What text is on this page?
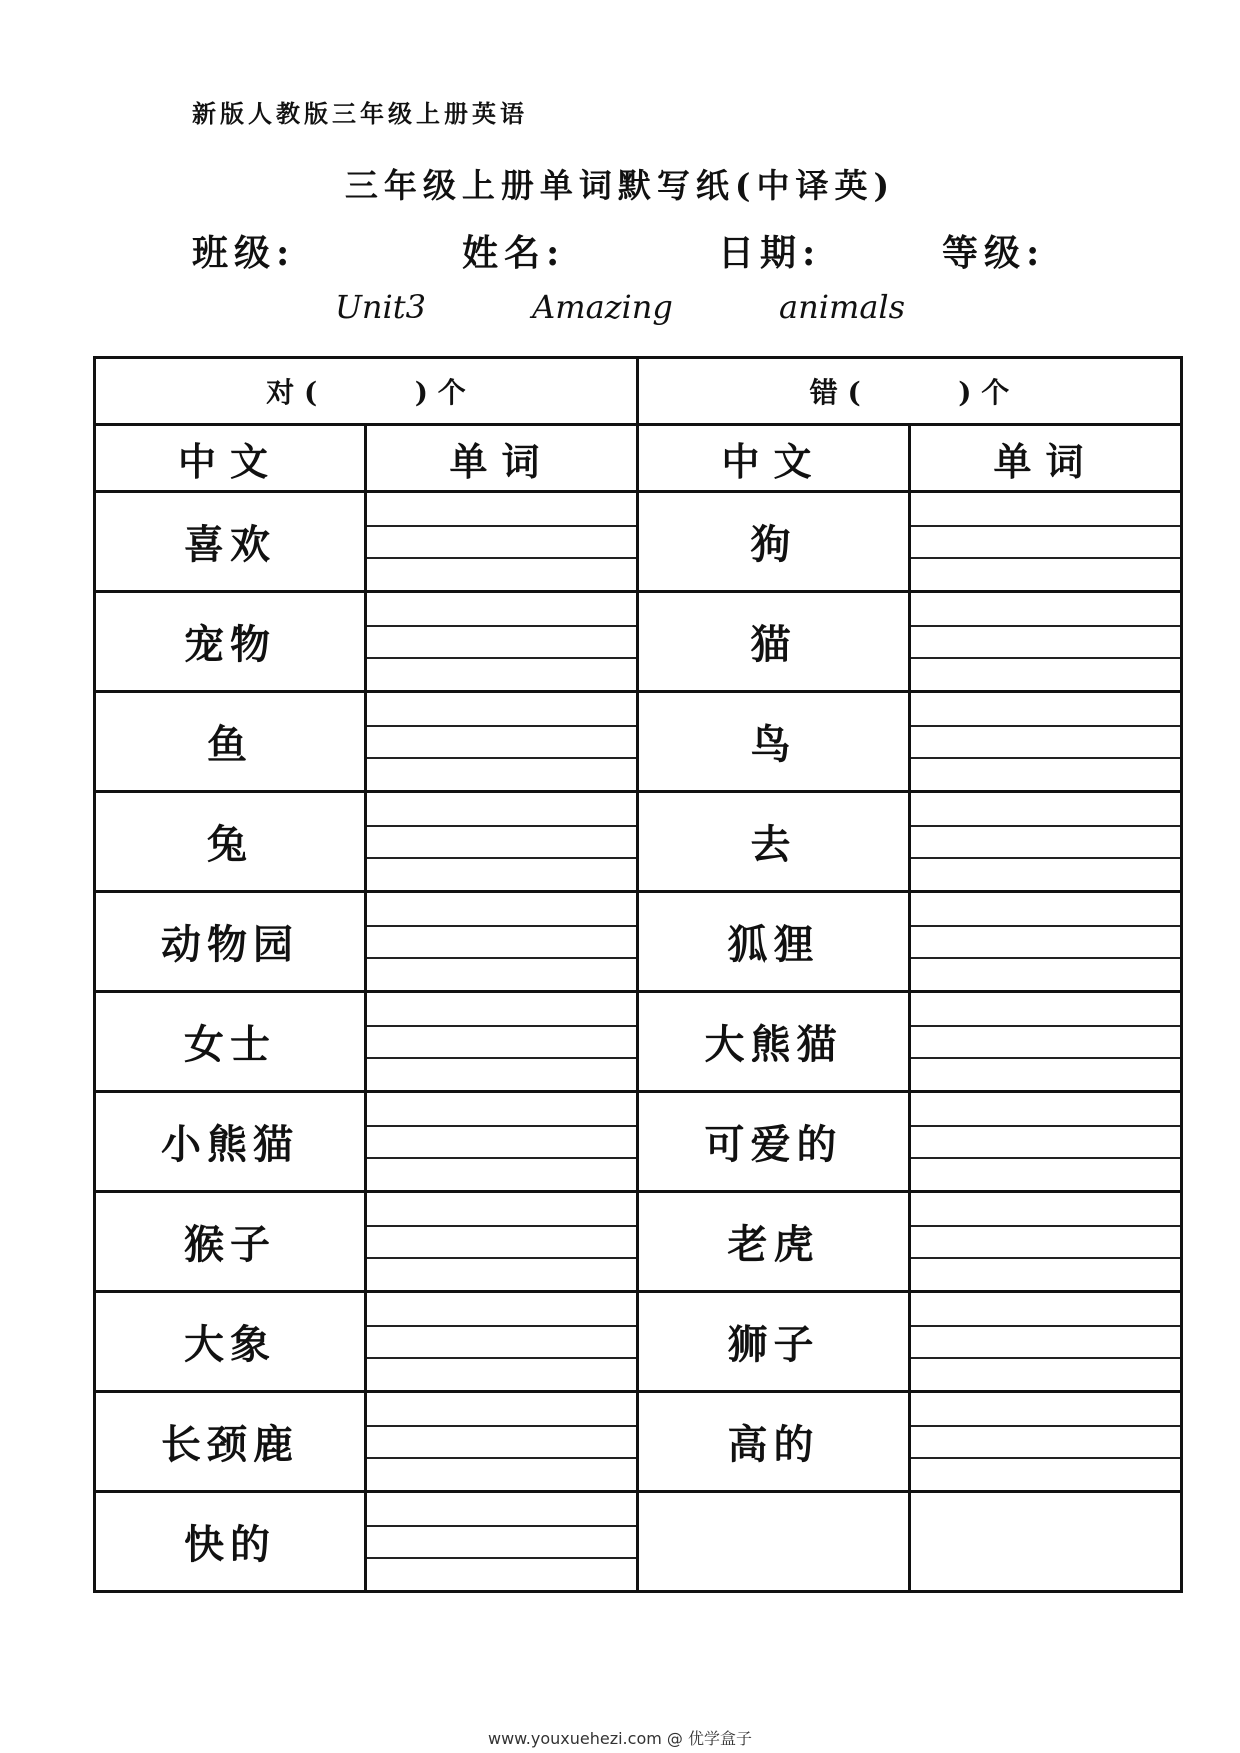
新版人教版三年级上册英语
三年级上册单词默写纸(中译英)
班级:	姓名:	日期:	等级:
Unit3	Amazing	animals
对 (          ) 个		错 (          ) 个	
中文	单词	中文	单词
喜欢		狗	

宠物		猫	

鱼		鸟	

兔		去	

动物园		狐狸	

女士		大熊猫	

小熊猫		可爱的	

猴子		老虎	

大象		狮子	

长颈鹿		高的	

快的	

www.youxuehezi.com @ 优学盒子
